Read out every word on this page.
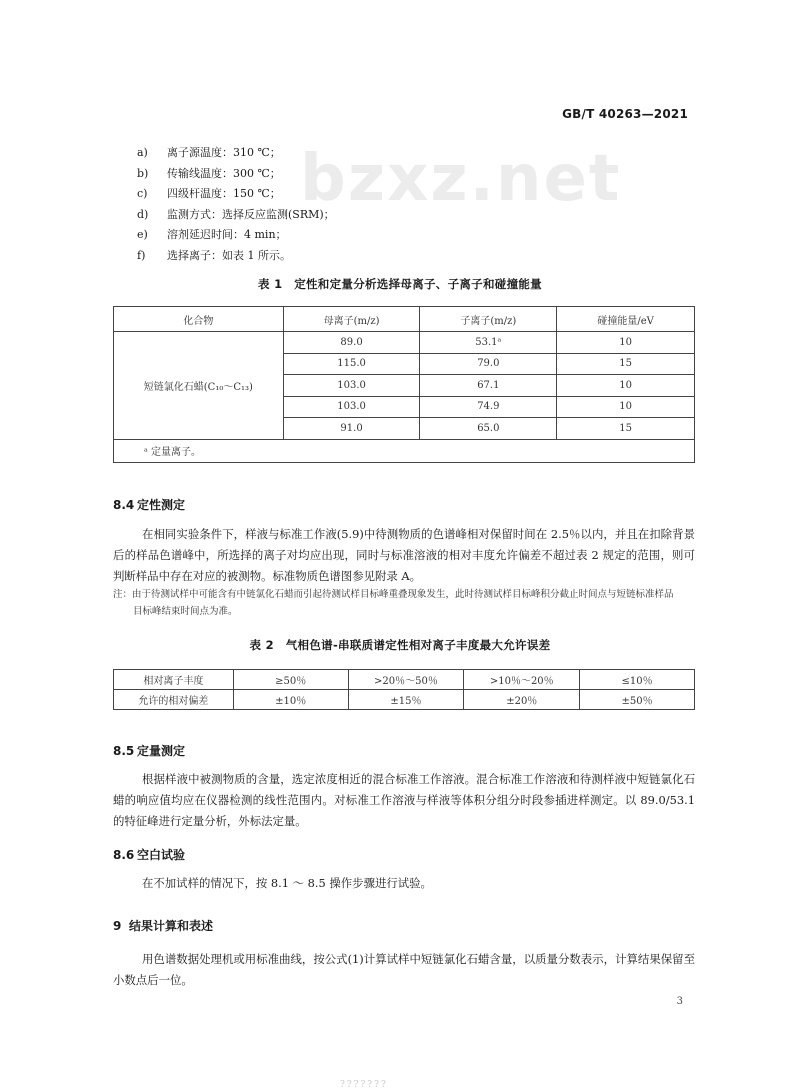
GB/T 40263—2021
bzxz.net
a)	离子源温度：310 ℃；
b)	传输线温度：300 ℃；
c)	四级杆温度：150 ℃；
d)	监测方式：选择反应监测(SRM)；
e)	溶剂延迟时间：4 min；
f)	选择离子：如表 1 所示。
表 1　定性和定量分析选择母离子、子离子和碰撞能量
化合物	母离子(m/z)	子离子(m/z)	碰撞能量/eV
短链氯化石蜡(C₁₀～C₁₃)	89.0	53.1ᵃ	10
	115.0	79.0	15
	103.0	67.1	10
	103.0	74.9	10
	91.0	65.0	15
ᵃ 定量离子。			
8.4 定性测定
在相同实验条件下，样液与标准工作液(5.9)中待测物质的色谱峰相对保留时间在 2.5％以内，并且在扣除背景后的样品色谱峰中，所选择的离子对均应出现，同时与标准溶液的相对丰度允许偏差不超过表 2 规定的范围，则可判断样品中存在对应的被测物。标准物质色谱图参见附录 A。
注：由于待测试样中可能含有中链氯化石蜡而引起待测试样目标峰重叠现象发生，此时待测试样目标峰积分截止时间点与短链标准样品目标峰结束时间点为准。
表 2　气相色谱-串联质谱定性相对离子丰度最大允许误差
相对离子丰度	≥50％	>20％～50％	>10％～20％	≤10％
允许的相对偏差	±10％	±15％	±20％	±50％
8.5 定量测定
根据样液中被测物质的含量，选定浓度相近的混合标准工作溶液。混合标准工作溶液和待测样液中短链氯化石蜡的响应值均应在仪器检测的线性范围内。对标准工作溶液与样液等体积分组分时段参插进样测定。以 89.0/53.1 的特征峰进行定量分析，外标法定量。
8.6 空白试验
在不加试样的情况下，按 8.1 ～ 8.5 操作步骤进行试验。
9 结果计算和表述
用色谱数据处理机或用标准曲线，按公式(1)计算试样中短链氯化石蜡含量，以质量分数表示，计算结果保留至小数点后一位。
3
???????
